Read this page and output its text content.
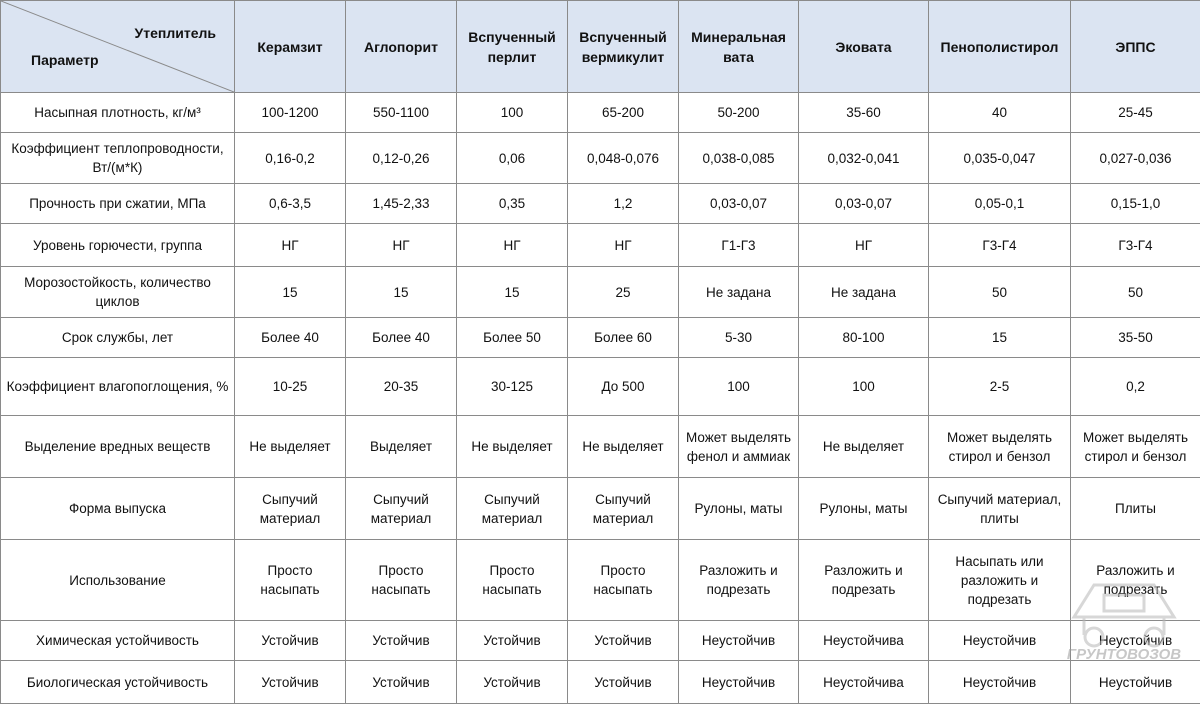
Утеплитель
Параметр	Керамзит	Аглопорит	Вспученный перлит	Вспученный вермикулит	Минеральная вата	Эковата	Пенополистирол	ЭППС
Насыпная плотность, кг/м³	100-1200	550-1100	100	65-200	50-200	35-60	40	25-45
Коэффициент теплопроводности, Вт/(м*К)	0,16-0,2	0,12-0,26	0,06	0,048-0,076	0,038-0,085	0,032-0,041	0,035-0,047	0,027-0,036
Прочность при сжатии, МПа	0,6-3,5	1,45-2,33	0,35	1,2	0,03-0,07	0,03-0,07	0,05-0,1	0,15-1,0
Уровень горючести, группа	НГ	НГ	НГ	НГ	Г1-Г3	НГ	Г3-Г4	Г3-Г4
Морозостойкость, количество циклов	15	15	15	25	Не задана	Не задана	50	50
Срок службы, лет	Более 40	Более 40	Более 50	Более 60	5-30	80-100	15	35-50
Коэффициент влагопоглощения, %	10-25	20-35	30-125	До 500	100	100	2-5	0,2
Выделение вредных веществ	Не выделяет	Выделяет	Не выделяет	Не выделяет	Может выделять фенол и аммиак	Не выделяет	Может выделять стирол и бензол	Может выделять стирол и бензол
Форма выпуска	Сыпучий материал	Сыпучий материал	Сыпучий материал	Сыпучий материал	Рулоны, маты	Рулоны, маты	Сыпучий материал, плиты	Плиты
Использование	Просто насыпать	Просто насыпать	Просто насыпать	Просто насыпать	Разложить и подрезать	Разложить и подрезать	Насыпать или разложить и подрезать	Разложить и подрезать
Химическая устойчивость	Устойчив	Устойчив	Устойчив	Устойчив	Неустойчив	Неустойчива	Неустойчив	Неустойчив
Биологическая устойчивость	Устойчив	Устойчив	Устойчив	Устойчив	Неустойчив	Неустойчива	Неустойчив	Неустойчив
ГРУНТОВОЗОВ
